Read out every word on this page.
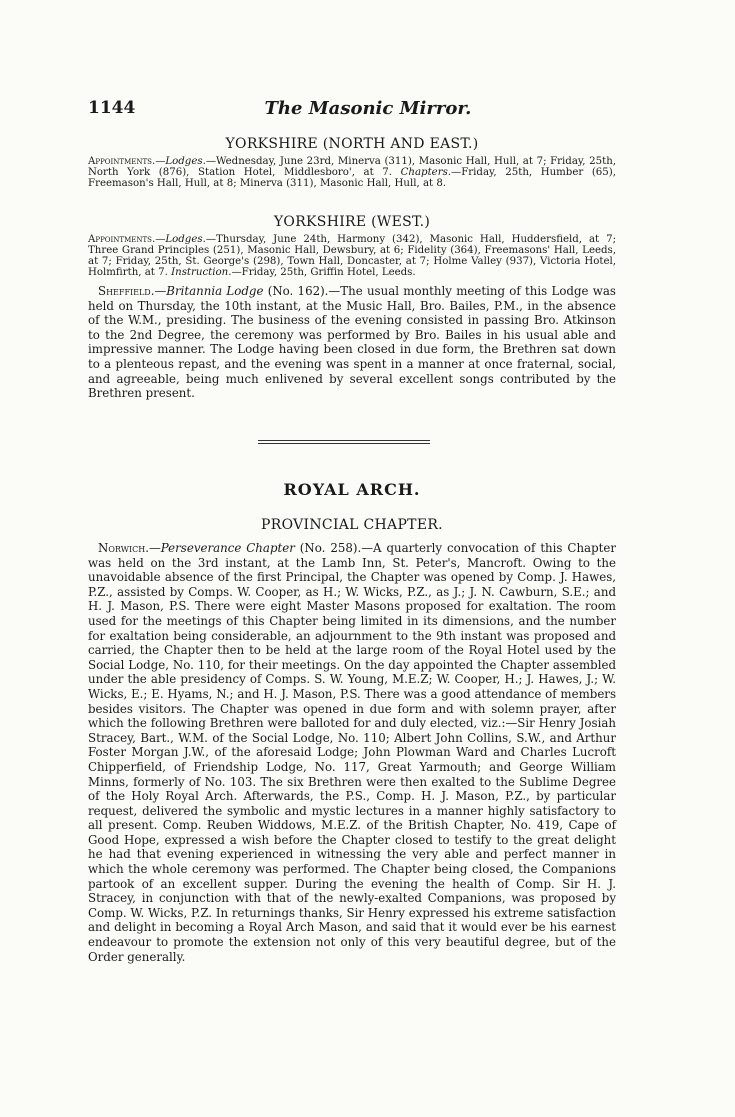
1144	The Masonic Mirror.

YORKSHIRE (NORTH AND EAST.)

Appointments.—Lodges.—Wednesday, June 23rd, Minerva (311), Masonic Hall, Hull, at 7; Friday, 25th, North York (876), Station Hotel, Middlesboro', at 7. Chapters.—Friday, 25th, Humber (65), Freemason's Hall, Hull, at 8; Minerva (311), Masonic Hall, Hull, at 8.

YORKSHIRE (WEST.)

Appointments.—Lodges.—Thursday, June 24th, Harmony (342), Masonic Hall, Huddersfield, at 7; Three Grand Principles (251), Masonic Hall, Dewsbury, at 6; Fidelity (364), Freemasons' Hall, Leeds, at 7; Friday, 25th, St. George's (298), Town Hall, Doncaster, at 7; Holme Valley (937), Victoria Hotel, Holmfirth, at 7. Instruction.—Friday, 25th, Griffin Hotel, Leeds.

Sheffield.—Britannia Lodge (No. 162).—The usual monthly meeting of this Lodge was held on Thursday, the 10th instant, at the Music Hall, Bro. Bailes, P.M., in the absence of the W.M., presiding. The business of the evening consisted in passing Bro. Atkinson to the 2nd Degree, the ceremony was performed by Bro. Bailes in his usual able and impressive manner. The Lodge having been closed in due form, the Brethren sat down to a plenteous repast, and the evening was spent in a manner at once fraternal, social, and agreeable, being much enlivened by several excellent songs contributed by the Brethren present.

ROYAL ARCH.

PROVINCIAL CHAPTER.

Norwich.—Perseverance Chapter (No. 258).—A quarterly convocation of this Chapter was held on the 3rd instant, at the Lamb Inn, St. Peter's, Mancroft. Owing to the unavoidable absence of the first Principal, the Chapter was opened by Comp. J. Hawes, P.Z., assisted by Comps. W. Cooper, as H.; W. Wicks, P.Z., as J.; J. N. Cawburn, S.E.; and H. J. Mason, P.S. There were eight Master Masons proposed for exaltation. The room used for the meetings of this Chapter being limited in its dimensions, and the number for exaltation being considerable, an adjournment to the 9th instant was proposed and carried, the Chapter then to be held at the large room of the Royal Hotel used by the Social Lodge, No. 110, for their meetings. On the day appointed the Chapter assembled under the able presidency of Comps. S. W. Young, M.E.Z; W. Cooper, H.; J. Hawes, J.; W. Wicks, E.; E. Hyams, N.; and H. J. Mason, P.S. There was a good attendance of members besides visitors. The Chapter was opened in due form and with solemn prayer, after which the following Brethren were balloted for and duly elected, viz.:—Sir Henry Josiah Stracey, Bart., W.M. of the Social Lodge, No. 110; Albert John Collins, S.W., and Arthur Foster Morgan J.W., of the aforesaid Lodge; John Plowman Ward and Charles Lucroft Chipperfield, of Friendship Lodge, No. 117, Great Yarmouth; and George William Minns, formerly of No. 103. The six Brethren were then exalted to the Sublime Degree of the Holy Royal Arch. Afterwards, the P.S., Comp. H. J. Mason, P.Z., by particular request, delivered the symbolic and mystic lectures in a manner highly satisfactory to all present. Comp. Reuben Widdows, M.E.Z. of the British Chapter, No. 419, Cape of Good Hope, expressed a wish before the Chapter closed to testify to the great delight he had that evening experienced in witnessing the very able and perfect manner in which the whole ceremony was performed. The Chapter being closed, the Companions partook of an excellent supper. During the evening the health of Comp. Sir H. J. Stracey, in conjunction with that of the newly-exalted Companions, was proposed by Comp. W. Wicks, P.Z. In returnings thanks, Sir Henry expressed his extreme satisfaction and delight in becoming a Royal Arch Mason, and said that it would ever be his earnest endeavour to promote the extension not only of this very beautiful degree, but of the Order generally.
